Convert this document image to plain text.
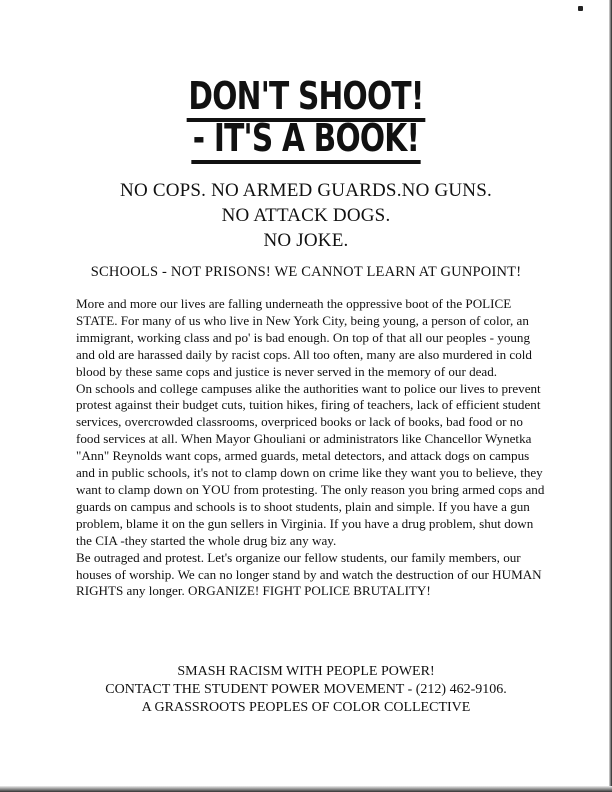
DON'T SHOOT!
- IT'S A BOOK!
NO COPS. NO ARMED GUARDS.NO GUNS.
NO ATTACK DOGS.
NO JOKE.
SCHOOLS - NOT PRISONS! WE CANNOT LEARN AT GUNPOINT!

More and more our lives are falling underneath the oppressive boot of the POLICE STATE. For many of us who live in New York City, being young, a person of color, an immigrant, working class and po' is bad enough. On top of that all our peoples - young and old are harassed daily by racist cops. All too often, many are also murdered in cold blood by these same cops and justice is never served in the memory of our dead.

On schools and college campuses alike the authorities want to police our lives to prevent protest against their budget cuts, tuition hikes, firing of teachers, lack of efficient student services, overcrowded classrooms, overpriced books or lack of books, bad food or no food services at all. When Mayor Ghouliani or administrators like Chancellor Wynetka "Ann" Reynolds want cops, armed guards, metal detectors, and attack dogs on campus and in public schools, it's not to clamp down on crime like they want you to believe, they want to clamp down on YOU from protesting. The only reason you bring armed cops and guards on campus and schools is to shoot students, plain and simple. If you have a gun problem, blame it on the gun sellers in Virginia. If you have a drug problem, shut down the CIA -they started the whole drug biz any way.

Be outraged and protest. Let's organize our fellow students, our family members, our houses of worship. We can no longer stand by and watch the destruction of our HUMAN RIGHTS any longer. ORGANIZE! FIGHT POLICE BRUTALITY!

SMASH RACISM WITH PEOPLE POWER!
CONTACT THE STUDENT POWER MOVEMENT - (212) 462-9106.
A GRASSROOTS PEOPLES OF COLOR COLLECTIVE
